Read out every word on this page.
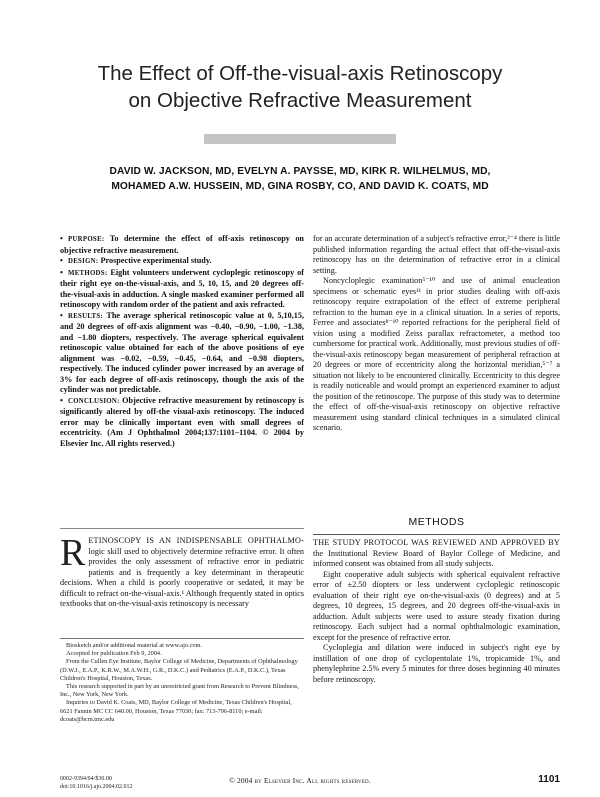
The Effect of Off-the-visual-axis Retinoscopy
on Objective Refractive Measurement
DAVID W. JACKSON, MD, EVELYN A. PAYSSE, MD, KIRK R. WILHELMUS, MD,
MOHAMED A.W. HUSSEIN, MD, GINA ROSBY, CO, AND DAVID K. COATS, MD

• PURPOSE: To determine the effect of off-axis retinoscopy on objective refractive measurement.

• DESIGN: Prospective experimental study.

• METHODS: Eight volunteers underwent cycloplegic retinoscopy of their right eye on-the-visual-axis, and 5, 10, 15, and 20 degrees off-the-visual-axis in adduction. A single masked examiner performed all retinoscopy with random order of the patient and axis refracted.

• RESULTS: The average spherical retinoscopic value at 0, 5,10,15, and 20 degrees of off-axis alignment was −0.40, −0.90, −1.00, −1.38, and −1.80 diopters, respectively. The average spherical equivalent retinoscopic value obtained for each of the above positions of eye alignment was −0.02, −0.59, −0.45, −0.64, and −0.98 diopters, respectively. The induced cylinder power increased by an average of 3% for each degree of off-axis retinoscopy, though the axis of the cylinder was not predictable.

• CONCLUSION: Objective refractive measurement by retinoscopy is significantly altered by off-the visual-axis retinoscopy. The induced error may be clinically important even with small degrees of eccentricity. (Am J Ophthalmol 2004;137:1101–1104. © 2004 by Elsevier Inc. All rights reserved.)

RETINOSCOPY IS AN INDISPENSABLE OPHTHALMO- logic skill used to objectively determine refractive error. It often provides the only assessment of refractive error in pediatric patients and is frequently a key determinant in therapeutic decisions. When a child is poorly cooperative or sedated, it may be difficult to refract on-the-visual-axis.¹ Although frequently stated in optics textbooks that on-the-visual-axis retinoscopy is necessary

Biosketch and/or additional material at www.ajo.com.

Accepted for publication Feb 9, 2004.

From the Cullen Eye Institute, Baylor College of Medicine, Departments of Ophthalmology (D.W.J., E.A.P., K.R.W., M.A.W.H., G.R., D.K.C.) and Pediatrics (E.A.P., D.K.C.), Texas Children's Hospital, Houston, Texas.

This research supported in part by an unrestricted grant from Research to Prevent Blindness, Inc., New York, New York.

Inquiries to David K. Coats, MD, Baylor College of Medicine, Texas Children's Hospital, 6621 Fannin MC CC 640.00, Houston, Texas 77030; fax: 713-796-8110; e-mail: dcoats@bcm.tmc.edu

for an accurate determination of a subject's refractive error,²⁻⁴ there is little published information regarding the actual effect that off-the-visual-axis retinoscopy has on the determination of refractive error in a clinical setting.

Noncycloplegic examination⁵⁻¹⁰ and use of animal enucleation specimens or schematic eyes¹¹ in prior studies dealing with off-axis retinoscopy require extrapolation of the effect of extreme peripheral refraction to the human eye in a clinical situation. In a series of reports, Ferree and associates⁸⁻¹⁰ reported refractions for the peripheral field of vision using a modified Zeiss parallax refractometer, a method too cumbersome for practical work. Additionally, most previous studies of off- the-visual-axis retinoscopy began measurement of peripheral refraction at 20 degrees or more of eccentricity along the horizontal meridian,⁵⁻⁷ a situation not likely to be encountered clinically. Eccentricity to this degree is readily noticeable and would prompt an experienced examiner to adjust the position of the retinoscope. The purpose of this study was to determine the effect of off-the-visual-axis retinoscopy on objective refractive measurement using standard clinical techniques in a simulated clinical scenario.

METHODS

THE STUDY PROTOCOL WAS REVIEWED AND APPROVED BY the Institutional Review Board of Baylor College of Medicine, and informed consent was obtained from all study subjects.

Eight cooperative adult subjects with spherical equivalent refractive error of ±2.50 diopters or less underwent cycloplegic retinoscopic evaluation of their right eye on-the-visual-axis (0 degrees) and at 5 degrees, 10 degrees, 15 degrees, and 20 degrees off-the-visual-axis in adduction. Adult subjects were used to assure steady fixation during retinoscopy. Each subject had a normal ophthalmologic examination, except for the presence of refractive error.

Cycloplegia and dilation were induced in subject's right eye by instillation of one drop of cyclopentolate 1%, tropicamide 1%, and phenylephrine 2.5% every 5 minutes for three doses beginning 40 minutes before retinoscopy.

0002-9394/04/$30.00
doi:10.1016/j.ajo.2004.02.012
© 2004 by Elsevier Inc. All rights reserved.	1101
